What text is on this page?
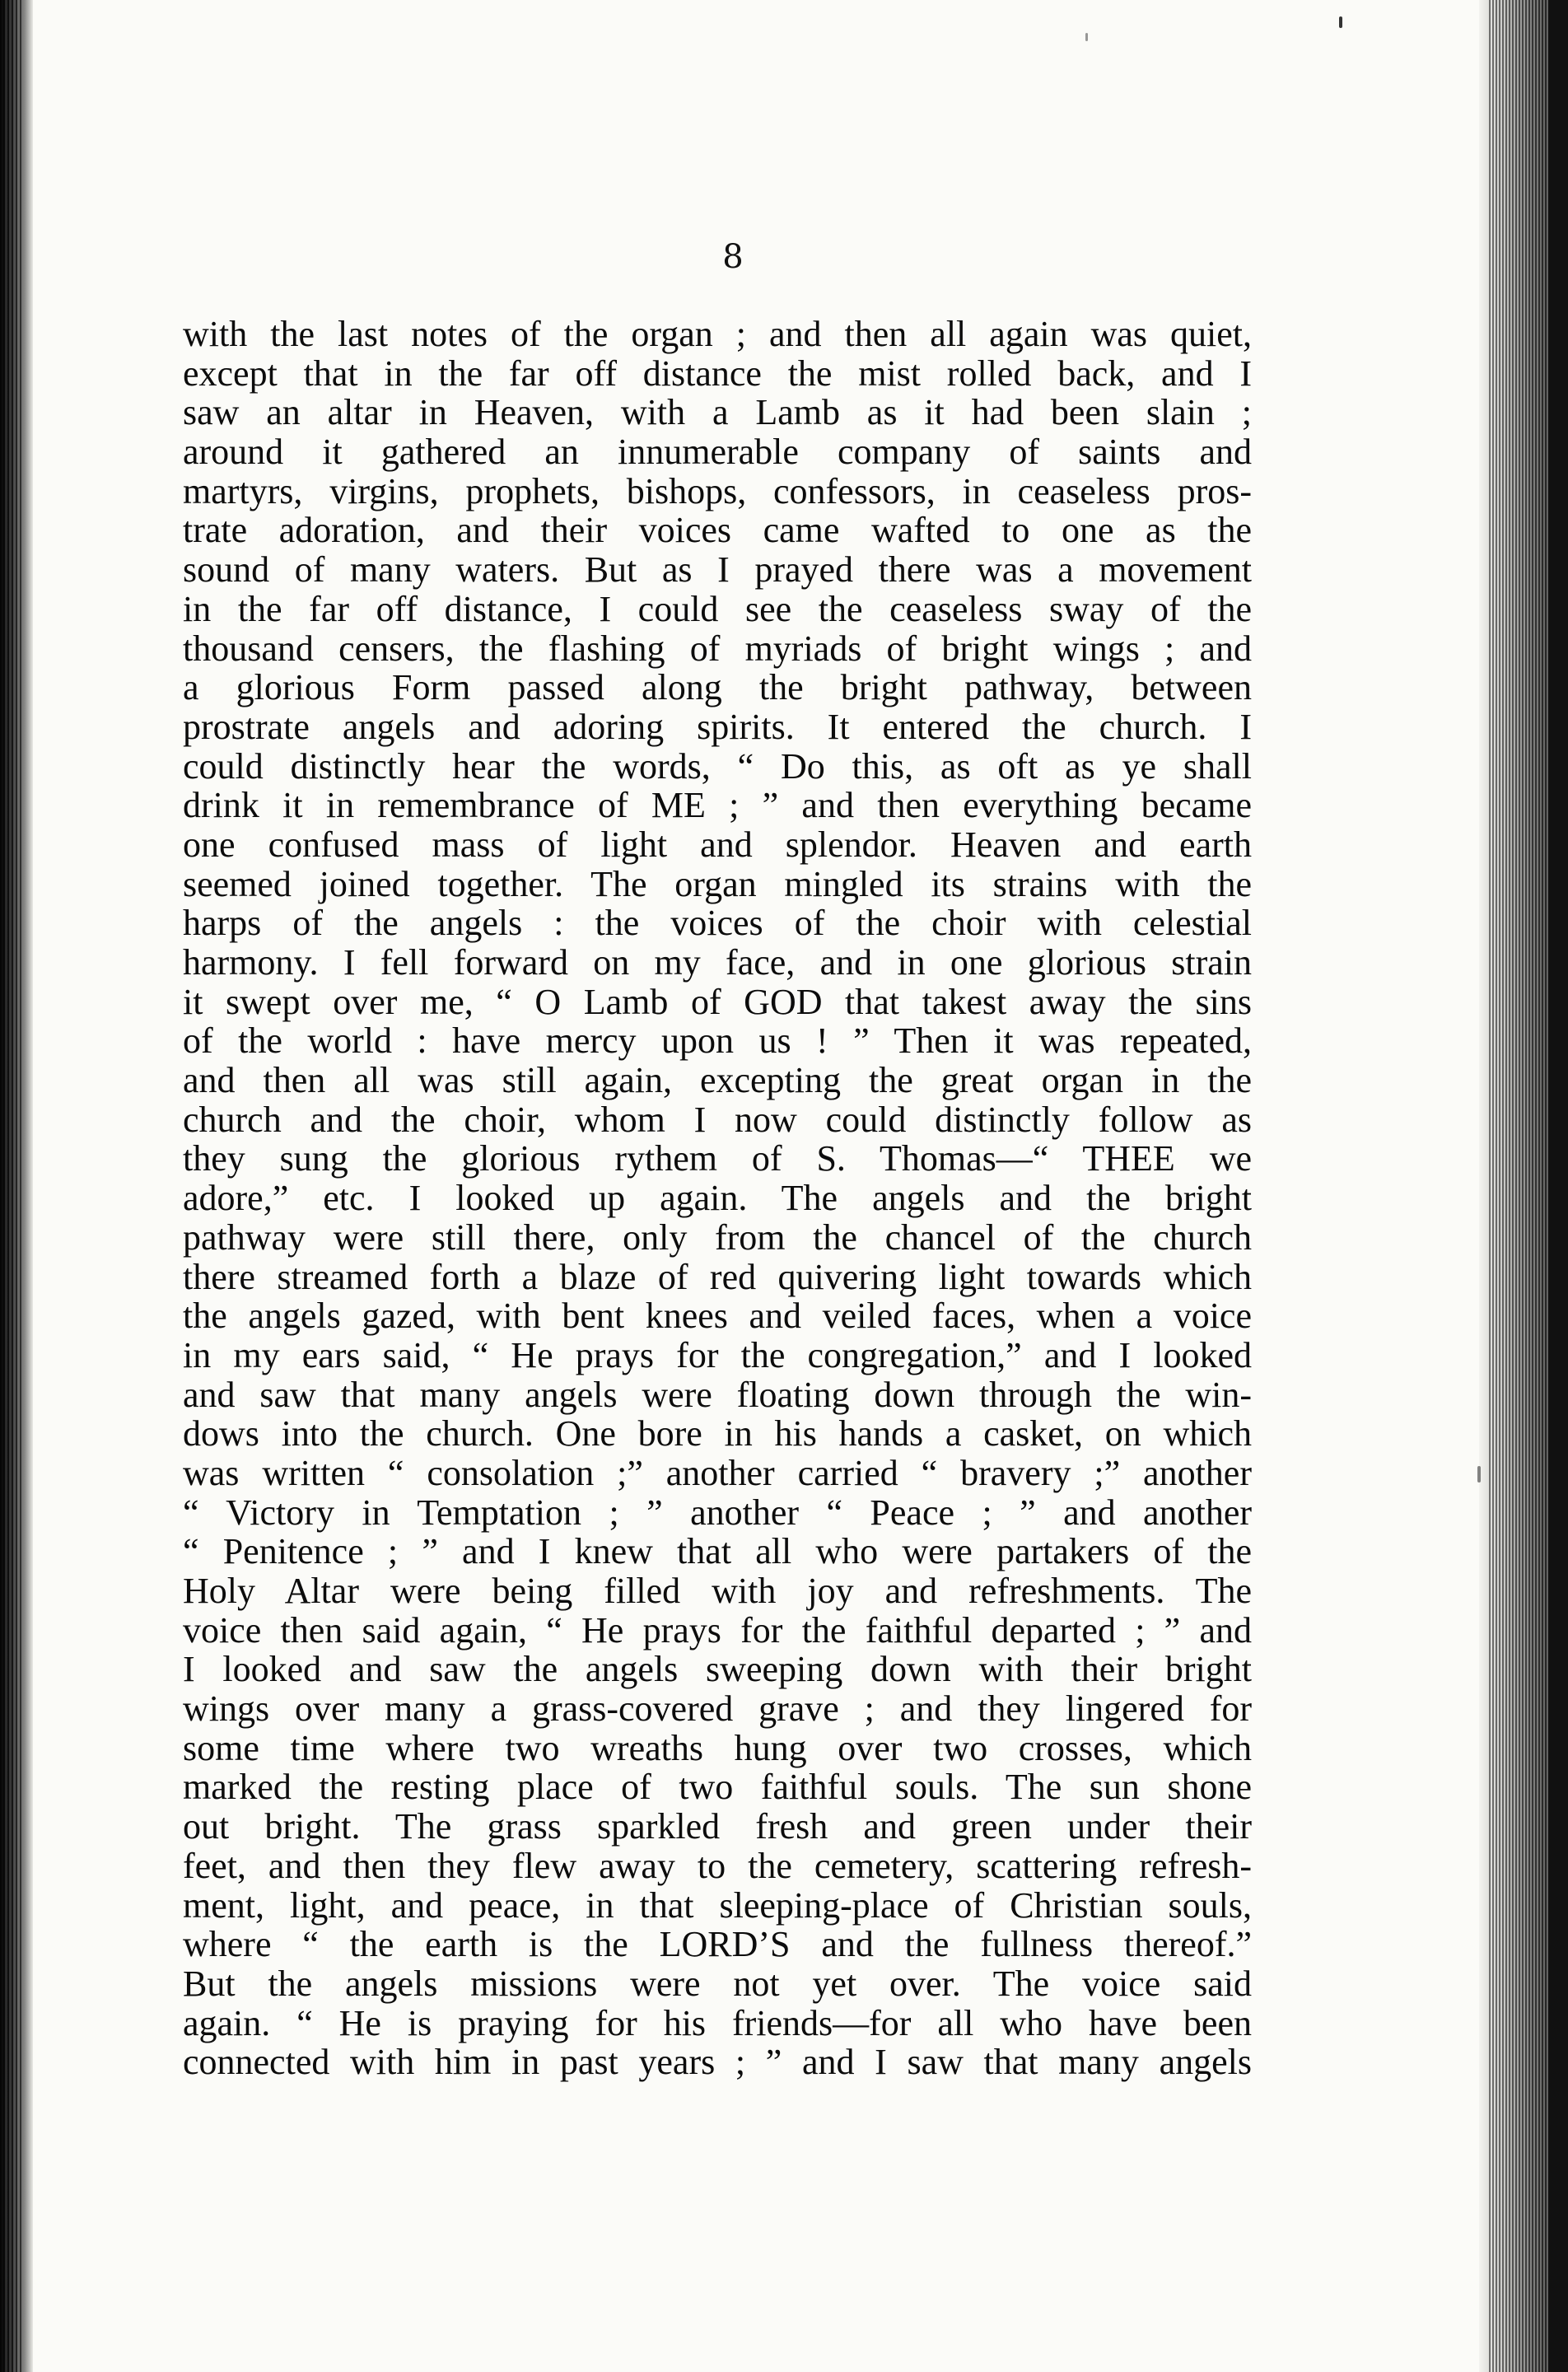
8
with the last notes of the organ ; and then all again was quiet,
except that in the far off distance the mist rolled back, and I
saw an altar in Heaven, with a Lamb as it had been slain ;
around it gathered an innumerable company of saints and
martyrs, virgins, prophets, bishops, confessors, in ceaseless pros-
trate adoration, and their voices came wafted to one as the
sound of many waters. But as I prayed there was a movement
in the far off distance, I could see the ceaseless sway of the
thousand censers, the flashing of myriads of bright wings ; and
a glorious Form passed along the bright pathway, between
prostrate angels and adoring spirits. It entered the church. I
could distinctly hear the words, “ Do this, as oft as ye shall
drink it in remembrance of ME ; ” and then everything became
one confused mass of light and splendor. Heaven and earth
seemed joined together. The organ mingled its strains with the
harps of the angels : the voices of the choir with celestial
harmony. I fell forward on my face, and in one glorious strain
it swept over me, “ O Lamb of GOD that takest away the sins
of the world : have mercy upon us ! ” Then it was repeated,
and then all was still again, excepting the great organ in the
church and the choir, whom I now could distinctly follow as
they sung the glorious rythem of S. Thomas—“ THEE we
adore,” etc. I looked up again. The angels and the bright
pathway were still there, only from the chancel of the church
there streamed forth a blaze of red quivering light towards which
the angels gazed, with bent knees and veiled faces, when a voice
in my ears said, “ He prays for the congregation,” and I looked
and saw that many angels were floating down through the win-
dows into the church. One bore in his hands a casket, on which
was written “ consolation ;” another carried “ bravery ;” another
“ Victory in Temptation ; ” another “ Peace ; ” and another
“ Penitence ; ” and I knew that all who were partakers of the
Holy Altar were being filled with joy and refreshments. The
voice then said again, “ He prays for the faithful departed ; ” and
I looked and saw the angels sweeping down with their bright
wings over many a grass-covered grave ; and they lingered for
some time where two wreaths hung over two crosses, which
marked the resting place of two faithful souls. The sun shone
out bright. The grass sparkled fresh and green under their
feet, and then they flew away to the cemetery, scattering refresh-
ment, light, and peace, in that sleeping-place of Christian souls,
where “ the earth is the LORD’S and the fullness thereof.”
But the angels missions were not yet over. The voice said
again. “ He is praying for his friends—for all who have been
connected with him in past years ; ” and I saw that many angels
